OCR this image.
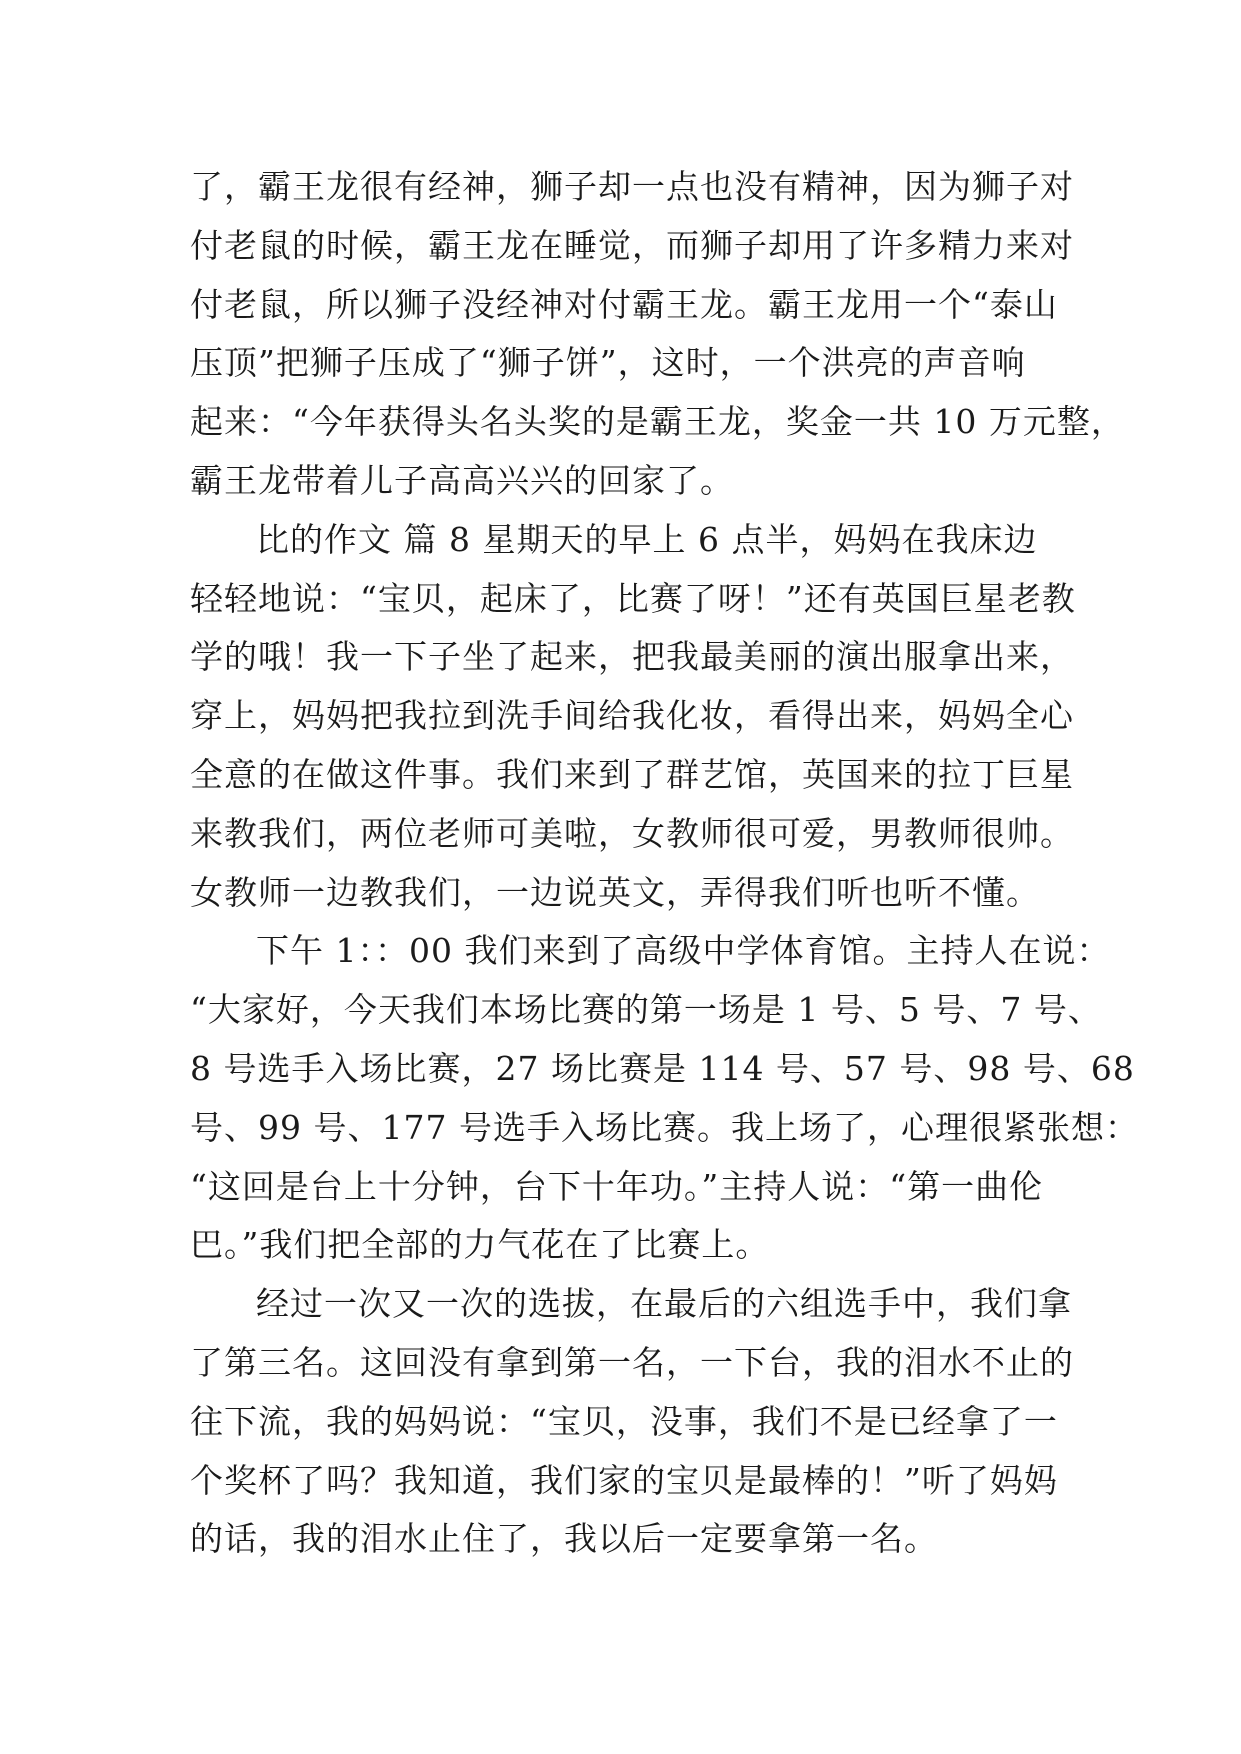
了，霸王龙很有经神，狮子却一点也没有精神，因为狮子对
付老鼠的时候，霸王龙在睡觉，而狮子却用了许多精力来对
付老鼠，所以狮子没经神对付霸王龙。霸王龙用一个“泰山
压顶”把狮子压成了“狮子饼”，这时，一个洪亮的声音响
起来：“今年获得头名头奖的是霸王龙，奖金一共 10 万元整，
霸王龙带着儿子高高兴兴的回家了。
比的作文 篇 8 星期天的早上 6 点半，妈妈在我床边
轻轻地说：“宝贝，起床了，比赛了呀！”还有英国巨星老教
学的哦！我一下子坐了起来，把我最美丽的演出服拿出来，
穿上，妈妈把我拉到洗手间给我化妆，看得出来，妈妈全心
全意的在做这件事。我们来到了群艺馆，英国来的拉丁巨星
来教我们，两位老师可美啦，女教师很可爱，男教师很帅。
女教师一边教我们，一边说英文，弄得我们听也听不懂。
下午 1：：00 我们来到了高级中学体育馆。主持人在说：
“大家好，今天我们本场比赛的第一场是 1 号、5 号、7 号、
8 号选手入场比赛，27 场比赛是 114 号、57 号、98 号、68
号、99 号、177 号选手入场比赛。我上场了，心理很紧张想：
“这回是台上十分钟，台下十年功。”主持人说：“第一曲伦
巴。”我们把全部的力气花在了比赛上。
经过一次又一次的选拔，在最后的六组选手中，我们拿
了第三名。这回没有拿到第一名，一下台，我的泪水不止的
往下流，我的妈妈说：“宝贝，没事，我们不是已经拿了一
个奖杯了吗？我知道，我们家的宝贝是最棒的！”听了妈妈
的话，我的泪水止住了，我以后一定要拿第一名。
